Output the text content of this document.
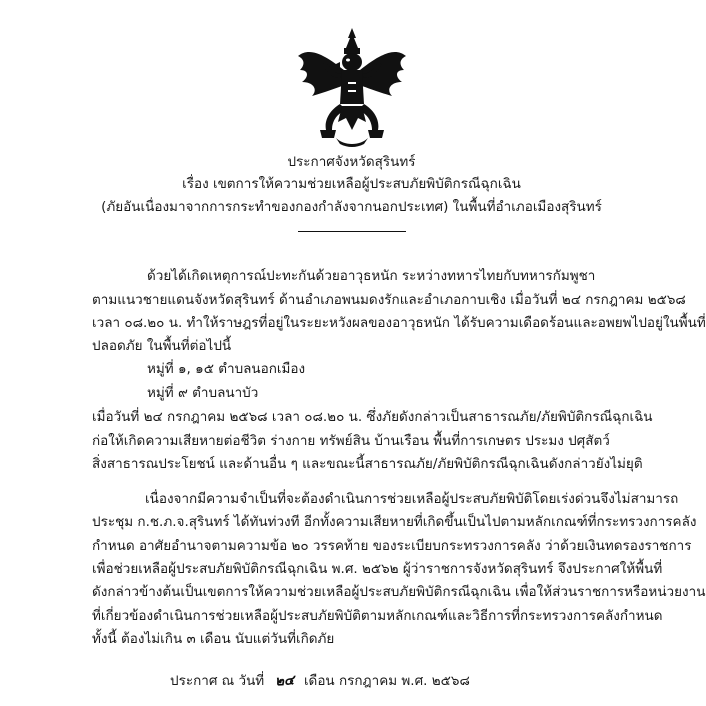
ประกาศจังหวัดสุรินทร์
เรื่อง เขตการให้ความช่วยเหลือผู้ประสบภัยพิบัติกรณีฉุกเฉิน
(ภัยอันเนื่องมาจากการกระทำของกองกำลังจากนอกประเทศ) ในพื้นที่อำเภอเมืองสุรินทร์
ด้วยได้เกิดเหตุการณ์ปะทะกันด้วยอาวุธหนัก ระหว่างทหารไทยกับทหารกัมพูชา
ตามแนวชายแดนจังหวัดสุรินทร์ ด้านอำเภอพนมดงรักและอำเภอกาบเชิง เมื่อวันที่ ๒๔ กรกฎาคม ๒๕๖๘
เวลา ๐๘.๒๐ น. ทำให้ราษฎรที่อยู่ในระยะหวังผลของอาวุธหนัก ได้รับความเดือดร้อนและอพยพไปอยู่ในพื้นที่
ปลอดภัย ในพื้นที่ต่อไปนี้
หมู่ที่ ๑, ๑๕ ตำบลนอกเมือง
หมู่ที่ ๙ ตำบลนาบัว
เมื่อวันที่ ๒๔ กรกฎาคม ๒๕๖๘ เวลา ๐๘.๒๐ น. ซึ่งภัยดังกล่าวเป็นสาธารณภัย/ภัยพิบัติกรณีฉุกเฉิน
ก่อให้เกิดความเสียหายต่อชีวิต ร่างกาย ทรัพย์สิน บ้านเรือน พื้นที่การเกษตร ประมง ปศุสัตว์
สิ่งสาธารณประโยชน์ และด้านอื่น ๆ และขณะนี้สาธารณภัย/ภัยพิบัติกรณีฉุกเฉินดังกล่าวยังไม่ยุติ
เนื่องจากมีความจำเป็นที่จะต้องดำเนินการช่วยเหลือผู้ประสบภัยพิบัติโดยเร่งด่วนจึงไม่สามารถ
ประชุม ก.ช.ภ.จ.สุรินทร์ ได้ทันท่วงที อีกทั้งความเสียหายที่เกิดขึ้นเป็นไปตามหลักเกณฑ์ที่กระทรวงการคลัง
กำหนด อาศัยอำนาจตามความข้อ ๒๐ วรรคท้าย ของระเบียบกระทรวงการคลัง ว่าด้วยเงินทดรองราชการ
เพื่อช่วยเหลือผู้ประสบภัยพิบัติกรณีฉุกเฉิน พ.ศ. ๒๕๖๒ ผู้ว่าราชการจังหวัดสุรินทร์ จึงประกาศให้พื้นที่
ดังกล่าวข้างต้นเป็นเขตการให้ความช่วยเหลือผู้ประสบภัยพิบัติกรณีฉุกเฉิน เพื่อให้ส่วนราชการหรือหน่วยงาน
ที่เกี่ยวข้องดำเนินการช่วยเหลือผู้ประสบภัยพิบัติตามหลักเกณฑ์และวิธีการที่กระทรวงการคลังกำหนด
ทั้งนี้ ต้องไม่เกิน ๓ เดือน นับแต่วันที่เกิดภัย
ประกาศ ณ วันที่ ๒๔ เดือน กรกฎาคม พ.ศ. ๒๕๖๘
